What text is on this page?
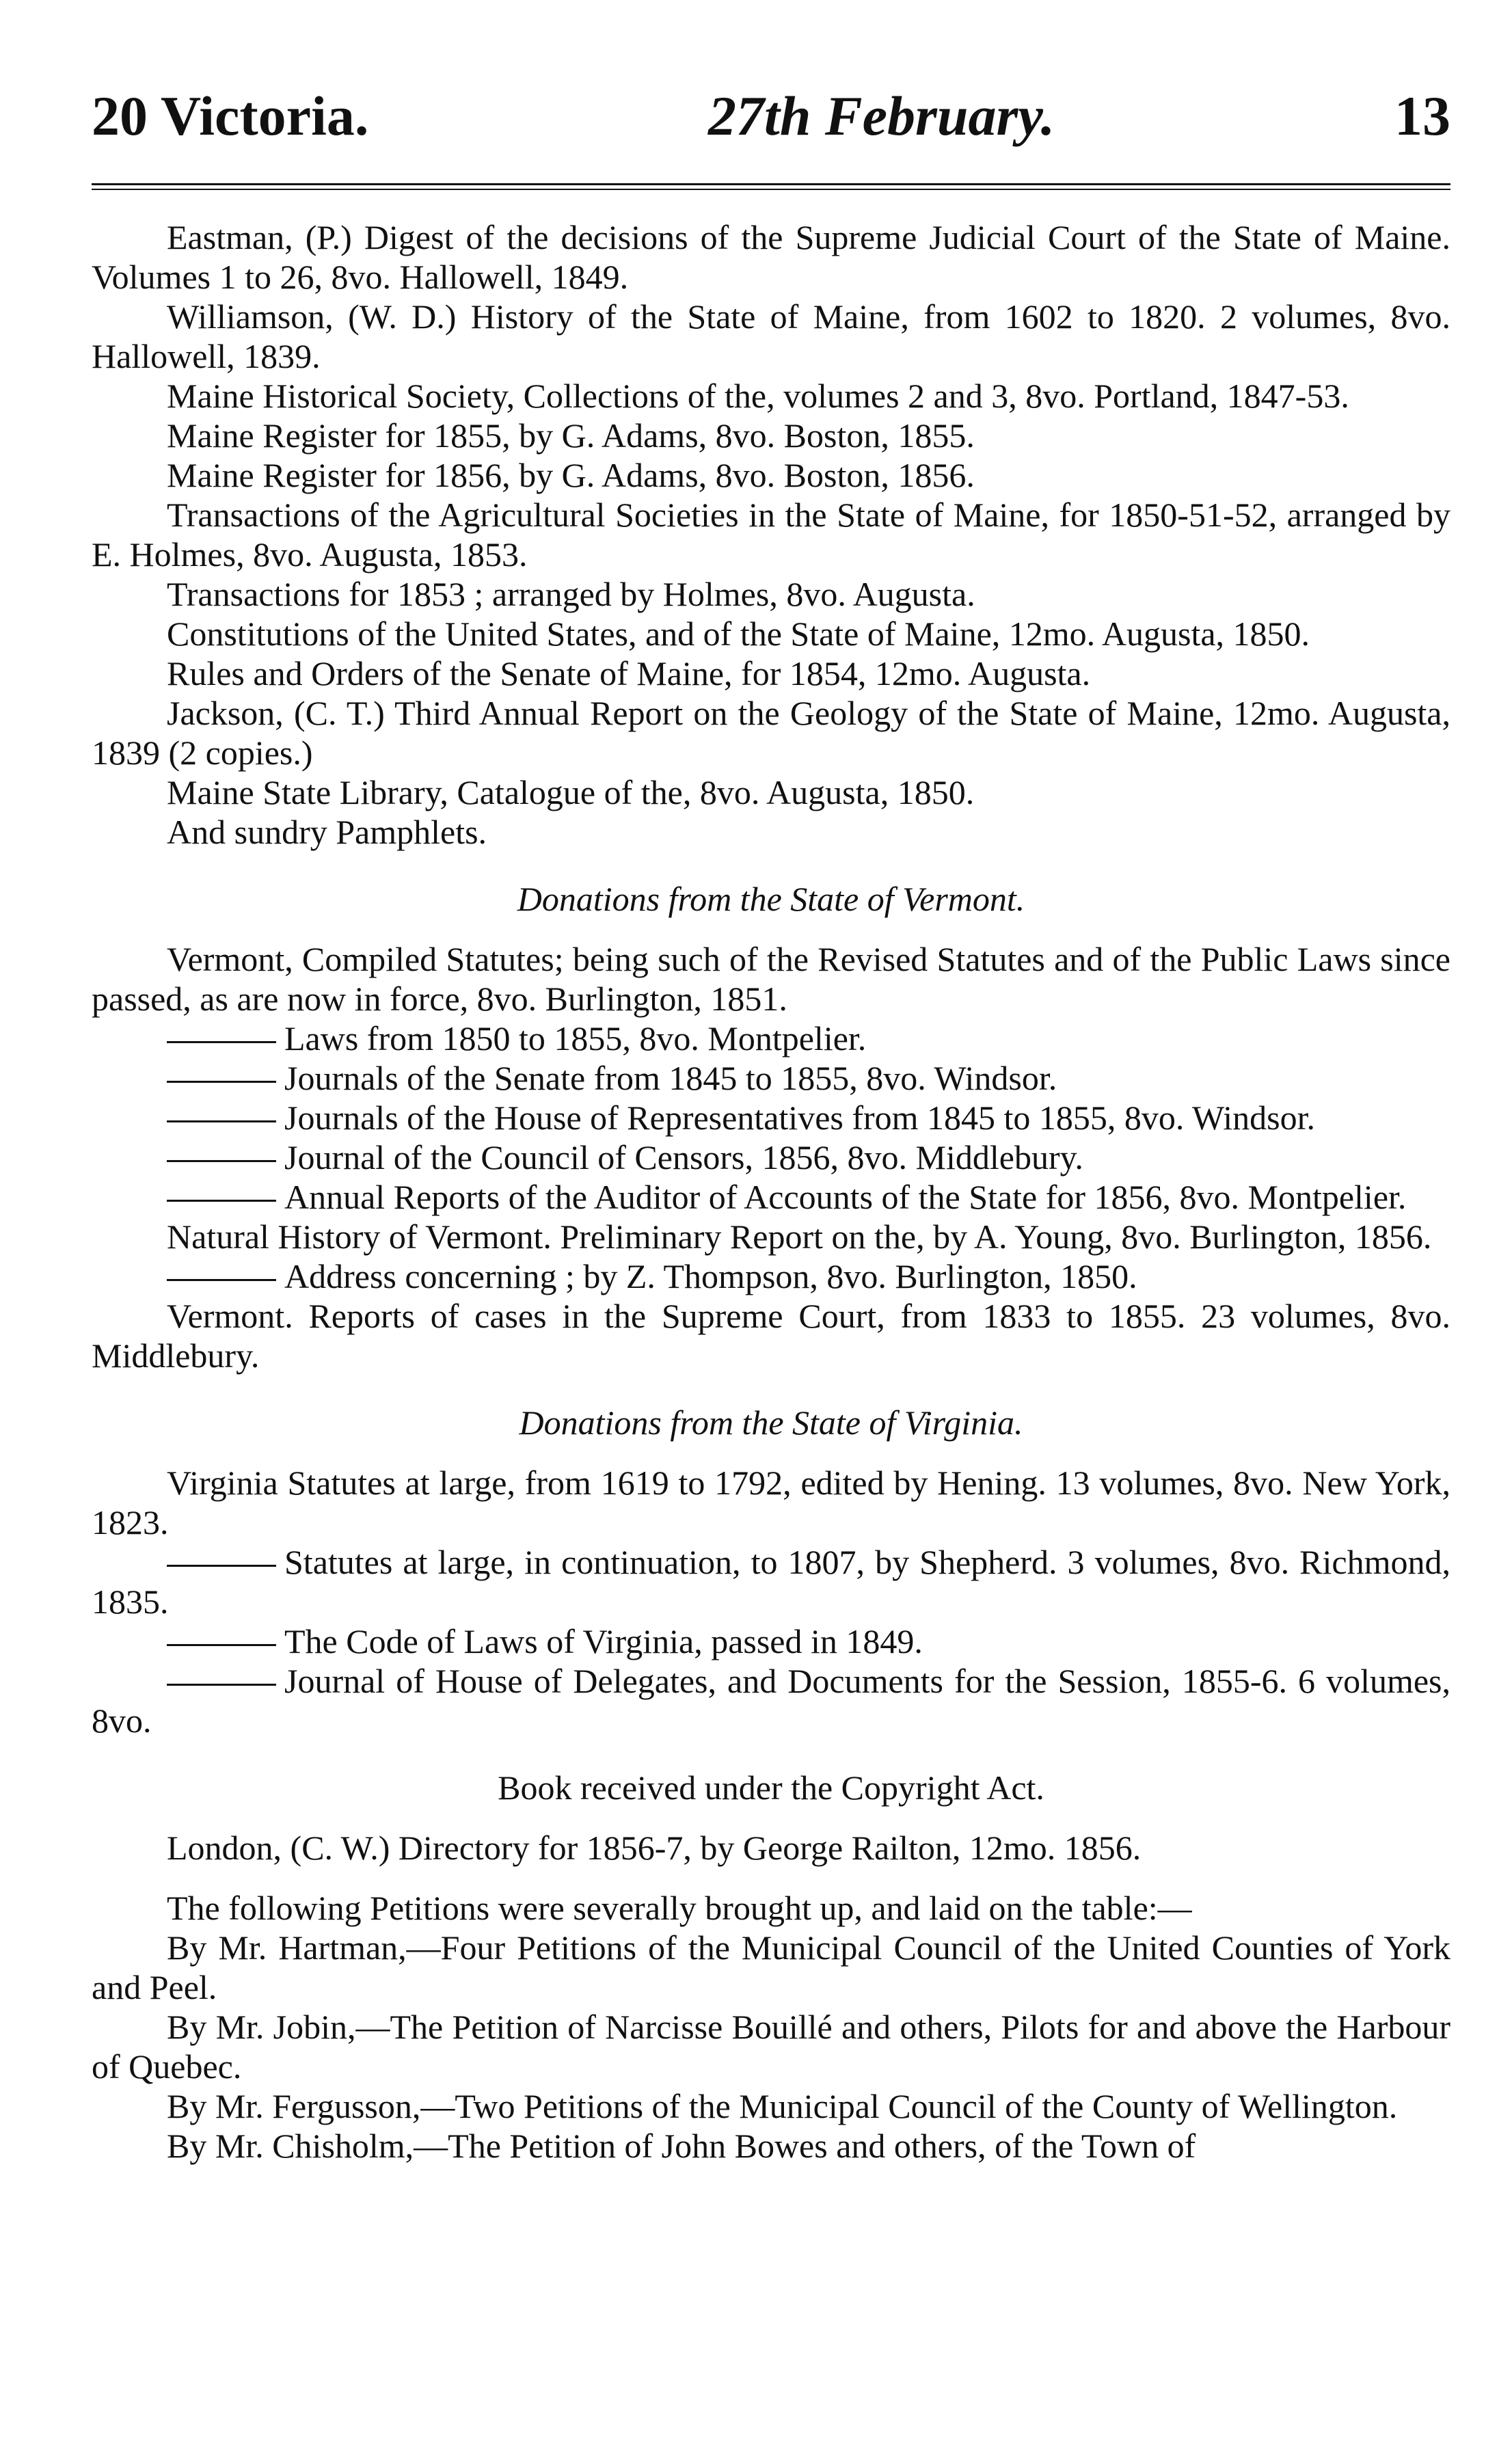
20 Victoria.	27th February.	13

Eastman, (P.) Digest of the decisions of the Supreme Judicial Court of the State of Maine. Volumes 1 to 26, 8vo. Hallowell, 1849.

Williamson, (W. D.) History of the State of Maine, from 1602 to 1820. 2 volumes, 8vo. Hallowell, 1839.

Maine Historical Society, Collections of the, volumes 2 and 3, 8vo. Portland, 1847-53.

Maine Register for 1855, by G. Adams, 8vo. Boston, 1855.

Maine Register for 1856, by G. Adams, 8vo. Boston, 1856.

Transactions of the Agricultural Societies in the State of Maine, for 1850-51-52, arranged by E. Holmes, 8vo. Augusta, 1853.

Transactions for 1853 ; arranged by Holmes, 8vo. Augusta.

Constitutions of the United States, and of the State of Maine, 12mo. Augusta, 1850.

Rules and Orders of the Senate of Maine, for 1854, 12mo. Augusta.

Jackson, (C. T.) Third Annual Report on the Geology of the State of Maine, 12mo. Augusta, 1839 (2 copies.)

Maine State Library, Catalogue of the, 8vo. Augusta, 1850.

And sundry Pamphlets.

Donations from the State of Vermont.

Vermont, Compiled Statutes; being such of the Revised Statutes and of the Public Laws since passed, as are now in force, 8vo. Burlington, 1851.

Laws from 1850 to 1855, 8vo. Montpelier.

Journals of the Senate from 1845 to 1855, 8vo. Windsor.

Journals of the House of Representatives from 1845 to 1855, 8vo. Windsor.

Journal of the Council of Censors, 1856, 8vo. Middlebury.

Annual Reports of the Auditor of Accounts of the State for 1856, 8vo. Montpelier.

Natural History of Vermont. Preliminary Report on the, by A. Young, 8vo. Burlington, 1856.

Address concerning ; by Z. Thompson, 8vo. Burlington, 1850.

Vermont. Reports of cases in the Supreme Court, from 1833 to 1855. 23 volumes, 8vo. Middlebury.

Donations from the State of Virginia.

Virginia Statutes at large, from 1619 to 1792, edited by Hening. 13 volumes, 8vo. New York, 1823.

Statutes at large, in continuation, to 1807, by Shepherd. 3 volumes, 8vo. Richmond, 1835.

The Code of Laws of Virginia, passed in 1849.

Journal of House of Delegates, and Documents for the Session, 1855-6. 6 volumes, 8vo.

Book received under the Copyright Act.

London, (C. W.) Directory for 1856-7, by George Railton, 12mo. 1856.

The following Petitions were severally brought up, and laid on the table:—

By Mr. Hartman,—Four Petitions of the Municipal Council of the United Counties of York and Peel.

By Mr. Jobin,—The Petition of Narcisse Bouillé and others, Pilots for and above the Harbour of Quebec.

By Mr. Fergusson,—Two Petitions of the Municipal Council of the County of Wellington.

By Mr. Chisholm,—The Petition of John Bowes and others, of the Town of
